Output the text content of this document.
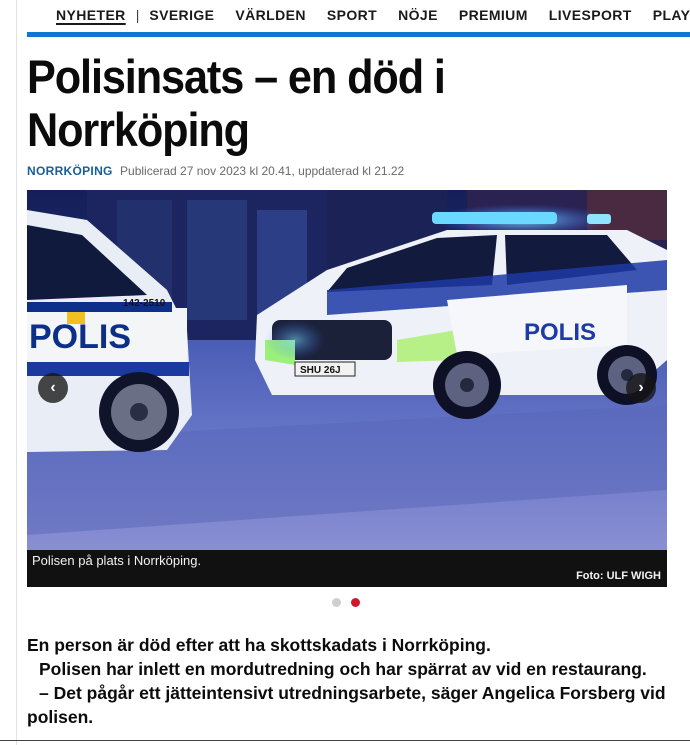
NYHETER | SVERIGE VÄRLDEN SPORT NÖJE PREMIUM LIVESPORT PLAY
Polisinsats – en död i Norrköping
NORRKÖPING Publicerad 27 nov 2023 kl 20.41, uppdaterad kl 21.22
POLIS
142-2510
POLIS
SHU 26J
‹	›
Polisen på plats i Norrköping.
Foto: ULF WIGH

En person är död efter att ha skottskadats i Norrköping.

Polisen har inlett en mordutredning och har spärrat av vid en restaurang.

– Det pågår ett jätteintensivt utredningsarbete, säger Angelica Forsberg vid polisen.
